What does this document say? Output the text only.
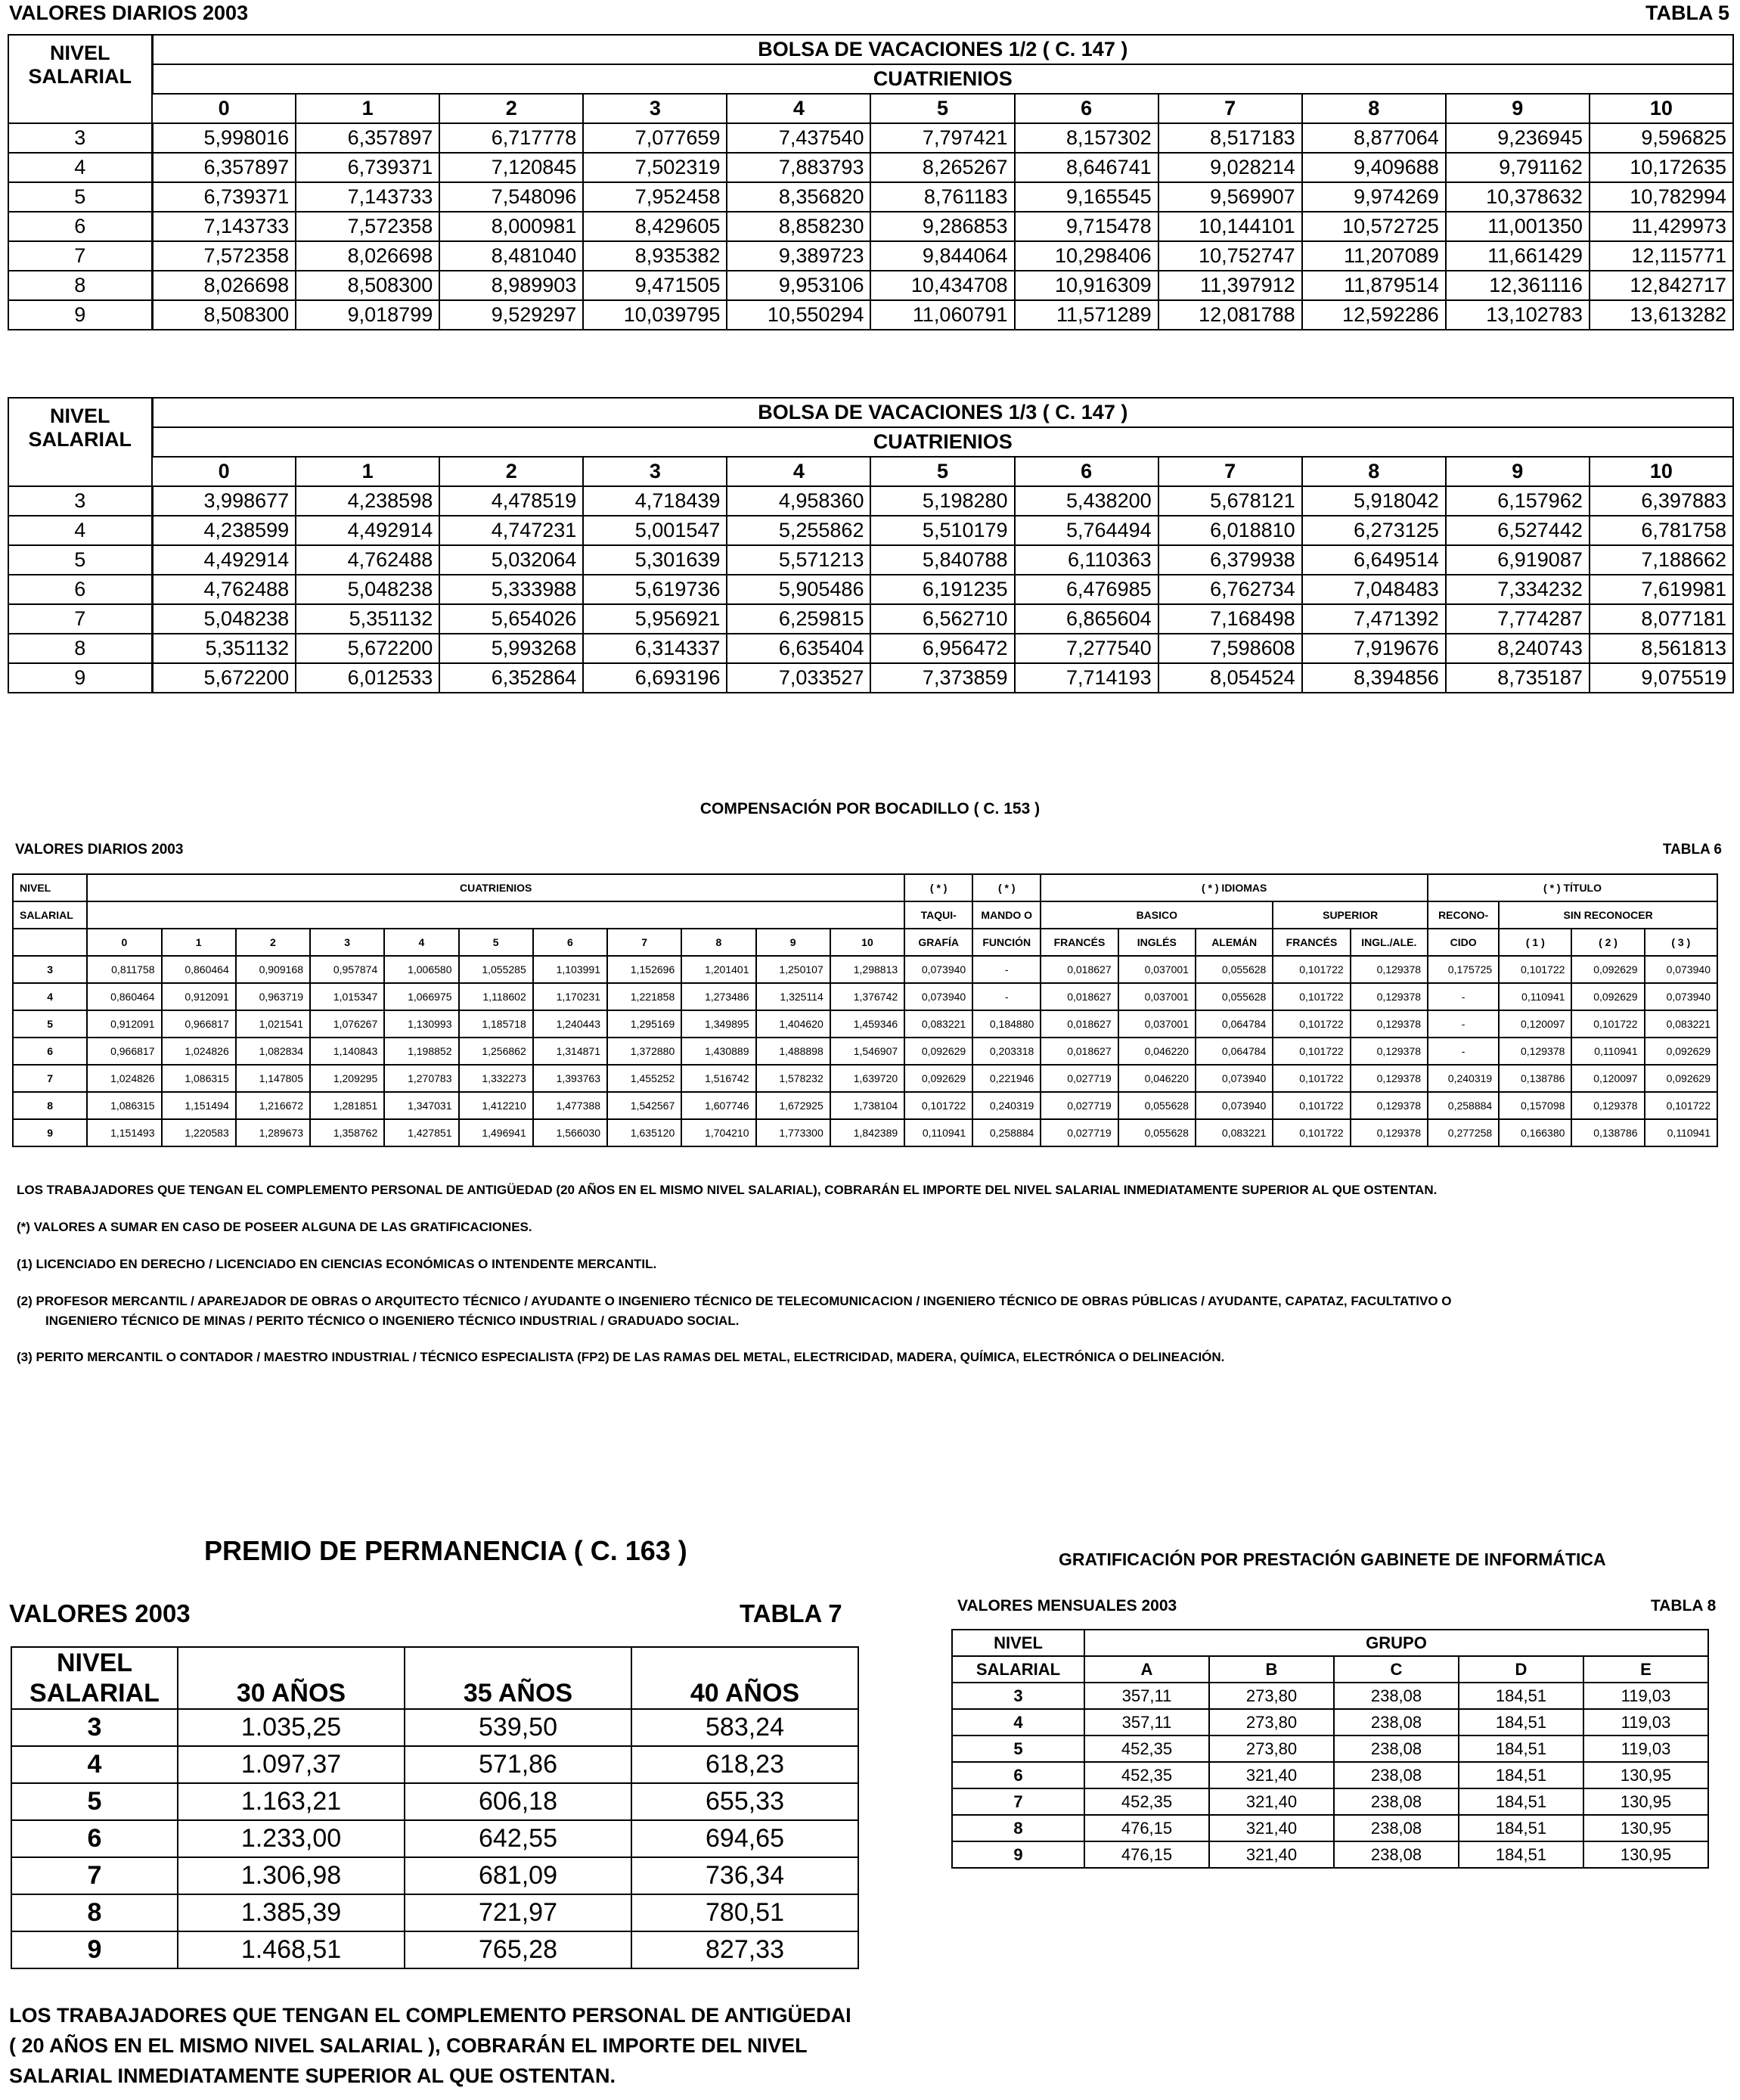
VALORES DIARIOS 2003	TABLA 5
NIVEL
SALARIAL	BOLSA DE VACACIONES 1/2 ( C. 147 )										
	CUATRIENIOS										
	0	1	2	3	4	5	6	7	8	9	10
3	5,998016	6,357897	6,717778	7,077659	7,437540	7,797421	8,157302	8,517183	8,877064	9,236945	9,596825
4	6,357897	6,739371	7,120845	7,502319	7,883793	8,265267	8,646741	9,028214	9,409688	9,791162	10,172635
5	6,739371	7,143733	7,548096	7,952458	8,356820	8,761183	9,165545	9,569907	9,974269	10,378632	10,782994
6	7,143733	7,572358	8,000981	8,429605	8,858230	9,286853	9,715478	10,144101	10,572725	11,001350	11,429973
7	7,572358	8,026698	8,481040	8,935382	9,389723	9,844064	10,298406	10,752747	11,207089	11,661429	12,115771
8	8,026698	8,508300	8,989903	9,471505	9,953106	10,434708	10,916309	11,397912	11,879514	12,361116	12,842717
9	8,508300	9,018799	9,529297	10,039795	10,550294	11,060791	11,571289	12,081788	12,592286	13,102783	13,613282
NIVEL
SALARIAL	BOLSA DE VACACIONES 1/3 ( C. 147 )										
	CUATRIENIOS										
	0	1	2	3	4	5	6	7	8	9	10
3	3,998677	4,238598	4,478519	4,718439	4,958360	5,198280	5,438200	5,678121	5,918042	6,157962	6,397883
4	4,238599	4,492914	4,747231	5,001547	5,255862	5,510179	5,764494	6,018810	6,273125	6,527442	6,781758
5	4,492914	4,762488	5,032064	5,301639	5,571213	5,840788	6,110363	6,379938	6,649514	6,919087	7,188662
6	4,762488	5,048238	5,333988	5,619736	5,905486	6,191235	6,476985	6,762734	7,048483	7,334232	7,619981
7	5,048238	5,351132	5,654026	5,956921	6,259815	6,562710	6,865604	7,168498	7,471392	7,774287	8,077181
8	5,351132	5,672200	5,993268	6,314337	6,635404	6,956472	7,277540	7,598608	7,919676	8,240743	8,561813
9	5,672200	6,012533	6,352864	6,693196	7,033527	7,373859	7,714193	8,054524	8,394856	8,735187	9,075519
COMPENSACIÓN POR BOCADILLO ( C. 153 )
VALORES DIARIOS 2003	TABLA 6
NIVEL	CUATRIENIOS											( * )	( * )	( * ) IDIOMAS					( * ) TÍTULO			
SALARIAL												TAQUI-	MANDO O	BASICO			SUPERIOR		RECONO-	SIN RECONOCER		
	0	1	2	3	4	5	6	7	8	9	10	GRAFÍA	FUNCIÓN	FRANCÉS	INGLÉS	ALEMÁN	FRANCÉS	INGL./ALE.	CIDO	( 1 )	( 2 )	( 3 )
3	0,811758	0,860464	0,909168	0,957874	1,006580	1,055285	1,103991	1,152696	1,201401	1,250107	1,298813	0,073940	-	0,018627	0,037001	0,055628	0,101722	0,129378	0,175725	0,101722	0,092629	0,073940
4	0,860464	0,912091	0,963719	1,015347	1,066975	1,118602	1,170231	1,221858	1,273486	1,325114	1,376742	0,073940	-	0,018627	0,037001	0,055628	0,101722	0,129378	-	0,110941	0,092629	0,073940
5	0,912091	0,966817	1,021541	1,076267	1,130993	1,185718	1,240443	1,295169	1,349895	1,404620	1,459346	0,083221	0,184880	0,018627	0,037001	0,064784	0,101722	0,129378	-	0,120097	0,101722	0,083221
6	0,966817	1,024826	1,082834	1,140843	1,198852	1,256862	1,314871	1,372880	1,430889	1,488898	1,546907	0,092629	0,203318	0,018627	0,046220	0,064784	0,101722	0,129378	-	0,129378	0,110941	0,092629
7	1,024826	1,086315	1,147805	1,209295	1,270783	1,332273	1,393763	1,455252	1,516742	1,578232	1,639720	0,092629	0,221946	0,027719	0,046220	0,073940	0,101722	0,129378	0,240319	0,138786	0,120097	0,092629
8	1,086315	1,151494	1,216672	1,281851	1,347031	1,412210	1,477388	1,542567	1,607746	1,672925	1,738104	0,101722	0,240319	0,027719	0,055628	0,073940	0,101722	0,129378	0,258884	0,157098	0,129378	0,101722
9	1,151493	1,220583	1,289673	1,358762	1,427851	1,496941	1,566030	1,635120	1,704210	1,773300	1,842389	0,110941	0,258884	0,027719	0,055628	0,083221	0,101722	0,129378	0,277258	0,166380	0,138786	0,110941
LOS TRABAJADORES QUE TENGAN EL COMPLEMENTO PERSONAL DE ANTIGÜEDAD (20 AÑOS EN EL MISMO NIVEL SALARIAL), COBRARÁN EL IMPORTE DEL NIVEL SALARIAL INMEDIATAMENTE SUPERIOR AL QUE OSTENTAN.
(*) VALORES A SUMAR EN CASO DE POSEER ALGUNA DE LAS GRATIFICACIONES.
(1) LICENCIADO EN DERECHO / LICENCIADO EN CIENCIAS ECONÓMICAS O INTENDENTE MERCANTIL.
(2) PROFESOR MERCANTIL / APAREJADOR DE OBRAS O ARQUITECTO TÉCNICO / AYUDANTE O INGENIERO TÉCNICO DE TELECOMUNICACION / INGENIERO TÉCNICO DE OBRAS PÚBLICAS / AYUDANTE, CAPATAZ, FACULTATIVO O
INGENIERO TÉCNICO DE MINAS / PERITO TÉCNICO O INGENIERO TÉCNICO INDUSTRIAL / GRADUADO SOCIAL.
(3) PERITO MERCANTIL O CONTADOR / MAESTRO INDUSTRIAL / TÉCNICO ESPECIALISTA (FP2) DE LAS RAMAS DEL METAL, ELECTRICIDAD, MADERA, QUÍMICA, ELECTRÓNICA O DELINEACIÓN.
PREMIO DE PERMANENCIA ( C. 163 )
VALORES 2003	TABLA 7
NIVEL
SALARIAL	30 AÑOS	35 AÑOS	40 AÑOS
3	1.035,25	539,50	583,24
4	1.097,37	571,86	618,23
5	1.163,21	606,18	655,33
6	1.233,00	642,55	694,65
7	1.306,98	681,09	736,34
8	1.385,39	721,97	780,51
9	1.468,51	765,28	827,33
LOS TRABAJADORES QUE TENGAN EL COMPLEMENTO PERSONAL DE ANTIGÜEDAI
( 20 AÑOS EN EL MISMO NIVEL SALARIAL ), COBRARÁN EL IMPORTE DEL NIVEL
SALARIAL INMEDIATAMENTE SUPERIOR AL QUE OSTENTAN.
GRATIFICACIÓN POR PRESTACIÓN GABINETE DE INFORMÁTICA
VALORES MENSUALES 2003	TABLA 8
NIVEL	GRUPO				
SALARIAL	A	B	C	D	E
3	357,11	273,80	238,08	184,51	119,03
4	357,11	273,80	238,08	184,51	119,03
5	452,35	273,80	238,08	184,51	119,03
6	452,35	321,40	238,08	184,51	130,95
7	452,35	321,40	238,08	184,51	130,95
8	476,15	321,40	238,08	184,51	130,95
9	476,15	321,40	238,08	184,51	130,95
